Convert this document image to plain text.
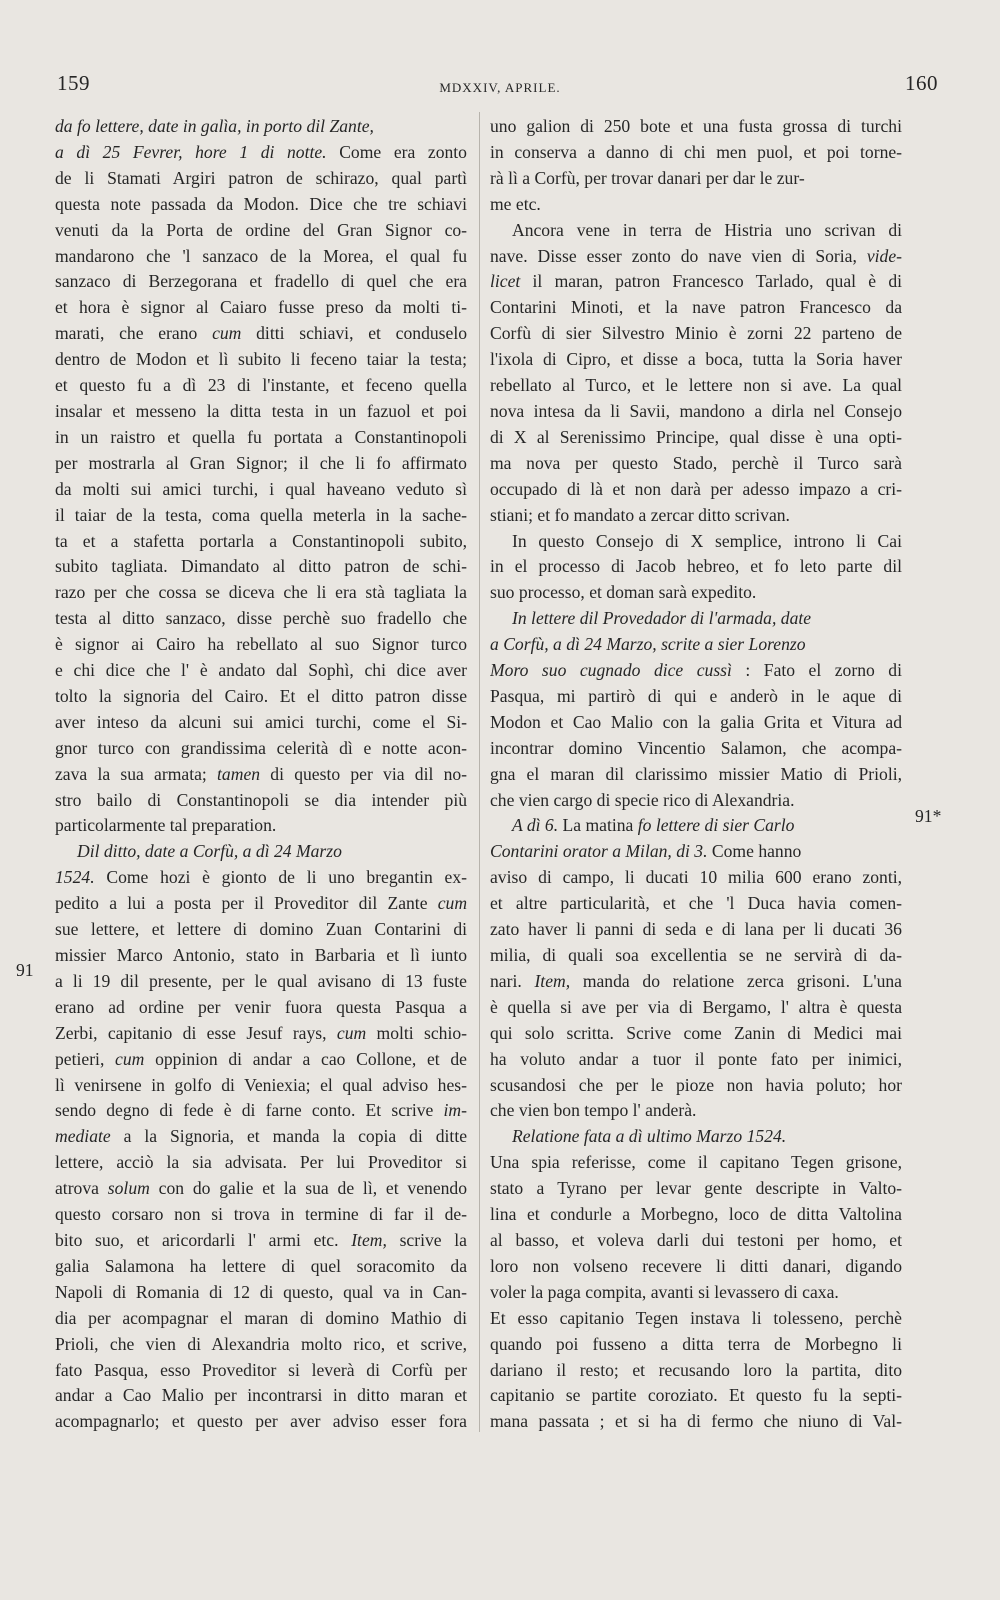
159	MDXXIV, APRILE.	160
91
91*
da fo lettere, date in galìa, in porto dil Zante,
a dì 25 Fevrer, hore 1 di notte. Come era zonto
de li Stamati Argiri patron de schirazo, qual partì
questa note passada da Modon. Dice che tre schiavi
venuti da la Porta de ordine del Gran Signor co-
mandarono che 'l sanzaco de la Morea, el qual fu
sanzaco di Berzegorana et fradello di quel che era
et hora è signor al Caiaro fusse preso da molti ti-
marati, che erano cum ditti schiavi, et conduselo
dentro de Modon et lì subito li feceno taiar la testa;
et questo fu a dì 23 di l'instante, et feceno quella
insalar et messeno la ditta testa in un fazuol et poi
in un raistro et quella fu portata a Constantinopoli
per mostrarla al Gran Signor; il che li fo affirmato
da molti sui amici turchi, i qual haveano veduto sì
il taiar de la testa, coma quella meterla in la sache-
ta et a stafetta portarla a Constantinopoli subito,
subito tagliata. Dimandato al ditto patron de schi-
razo per che cossa se diceva che li era stà tagliata la
testa al ditto sanzaco, disse perchè suo fradello che
è signor ai Cairo ha rebellato al suo Signor turco
e chi dice che l' è andato dal Sophì, chi dice aver
tolto la signoria del Cairo. Et el ditto patron disse
aver inteso da alcuni sui amici turchi, come el Si-
gnor turco con grandissima celerità dì e notte acon-
zava la sua armata; tamen di questo per via dil no-
stro bailo di Constantinopoli se dia intender più
particolarmente tal preparation.
Dil ditto, date a Corfù, a dì 24 Marzo
1524. Come hozi è gionto de li uno bregantin ex-
pedito a lui a posta per il Proveditor dil Zante cum
sue lettere, et lettere di domino Zuan Contarini di
missier Marco Antonio, stato in Barbaria et lì iunto
a li 19 dil presente, per le qual avisano di 13 fuste
erano ad ordine per venir fuora questa Pasqua a
Zerbi, capitanio di esse Jesuf rays, cum molti schio-
petieri, cum oppinion di andar a cao Collone, et de
lì venirsene in golfo di Veniexia; el qual adviso hes-
sendo degno di fede è di farne conto. Et scrive im-
mediate a la Signoria, et manda la copia di ditte
lettere, acciò la sia advisata. Per lui Proveditor si
atrova solum con do galie et la sua de lì, et venendo
questo corsaro non si trova in termine di far il de-
bito suo, et aricordarli l' armi etc. Item, scrive la
galia Salamona ha lettere di quel soracomito da
Napoli di Romania di 12 di questo, qual va in Can-
dia per acompagnar el maran di domino Mathio di
Prioli, che vien di Alexandria molto rico, et scrive,
fato Pasqua, esso Proveditor si leverà di Corfù per
andar a Cao Malio per incontrarsi in ditto maran et
acompagnarlo; et questo per aver adviso esser fora
uno galion di 250 bote et una fusta grossa di turchi
in conserva a danno di chi men puol, et poi torne-
rà lì a Corfù, per trovar danari per dar le zur-
me etc.
Ancora vene in terra de Histria uno scrivan di
nave. Disse esser zonto do nave vien di Soria, vide-
licet il maran, patron Francesco Tarlado, qual è di
Contarini Minoti, et la nave patron Francesco da
Corfù di sier Silvestro Minio è zorni 22 parteno de
l'ixola di Cipro, et disse a boca, tutta la Soria haver
rebellato al Turco, et le lettere non si ave. La qual
nova intesa da li Savii, mandono a dirla nel Consejo
di X al Serenissimo Principe, qual disse è una opti-
ma nova per questo Stado, perchè il Turco sarà
occupado di là et non darà per adesso impazo a cri-
stiani; et fo mandato a zercar ditto scrivan.
In questo Consejo di X semplice, introno li Cai
in el processo di Jacob hebreo, et fo leto parte dil
suo processo, et doman sarà expedito.
In lettere dil Provedador di l'armada, date
a Corfù, a dì 24 Marzo, scrite a sier Lorenzo
Moro suo cugnado dice cussì : Fato el zorno di
Pasqua, mi partirò di qui e anderò in le aque di
Modon et Cao Malio con la galia Grita et Vitura ad
incontrar domino Vincentio Salamon, che acompa-
gna el maran dil clarissimo missier Matio di Prioli,
che vien cargo di specie rico di Alexandria.
A dì 6. La matina fo lettere di sier Carlo
Contarini orator a Milan, di 3. Come hanno
aviso di campo, li ducati 10 milia 600 erano zonti,
et altre particularità, et che 'l Duca havia comen-
zato haver li panni di seda e di lana per li ducati 36
milia, di quali soa excellentia se ne servirà di da-
nari. Item, manda do relatione zerca grisoni. L'una
è quella si ave per via di Bergamo, l' altra è questa
qui solo scritta. Scrive come Zanin di Medici mai
ha voluto andar a tuor il ponte fato per inimici,
scusandosi che per le pioze non havia poluto; hor
che vien bon tempo l' anderà.
Relatione fata a dì ultimo Marzo 1524.
Una spia referisse, come il capitano Tegen grisone,
stato a Tyrano per levar gente descripte in Valto-
lina et condurle a Morbegno, loco de ditta Valtolina
al basso, et voleva darli dui testoni per homo, et
loro non volseno recevere li ditti danari, digando
voler la paga compita, avanti si levassero di caxa.
Et esso capitanio Tegen instava li tolesseno, perchè
quando poi fusseno a ditta terra de Morbegno li
dariano il resto; et recusando loro la partita, dito
capitanio se partite coroziato. Et questo fu la septi-
mana passata ; et si ha di fermo che niuno di Val-
